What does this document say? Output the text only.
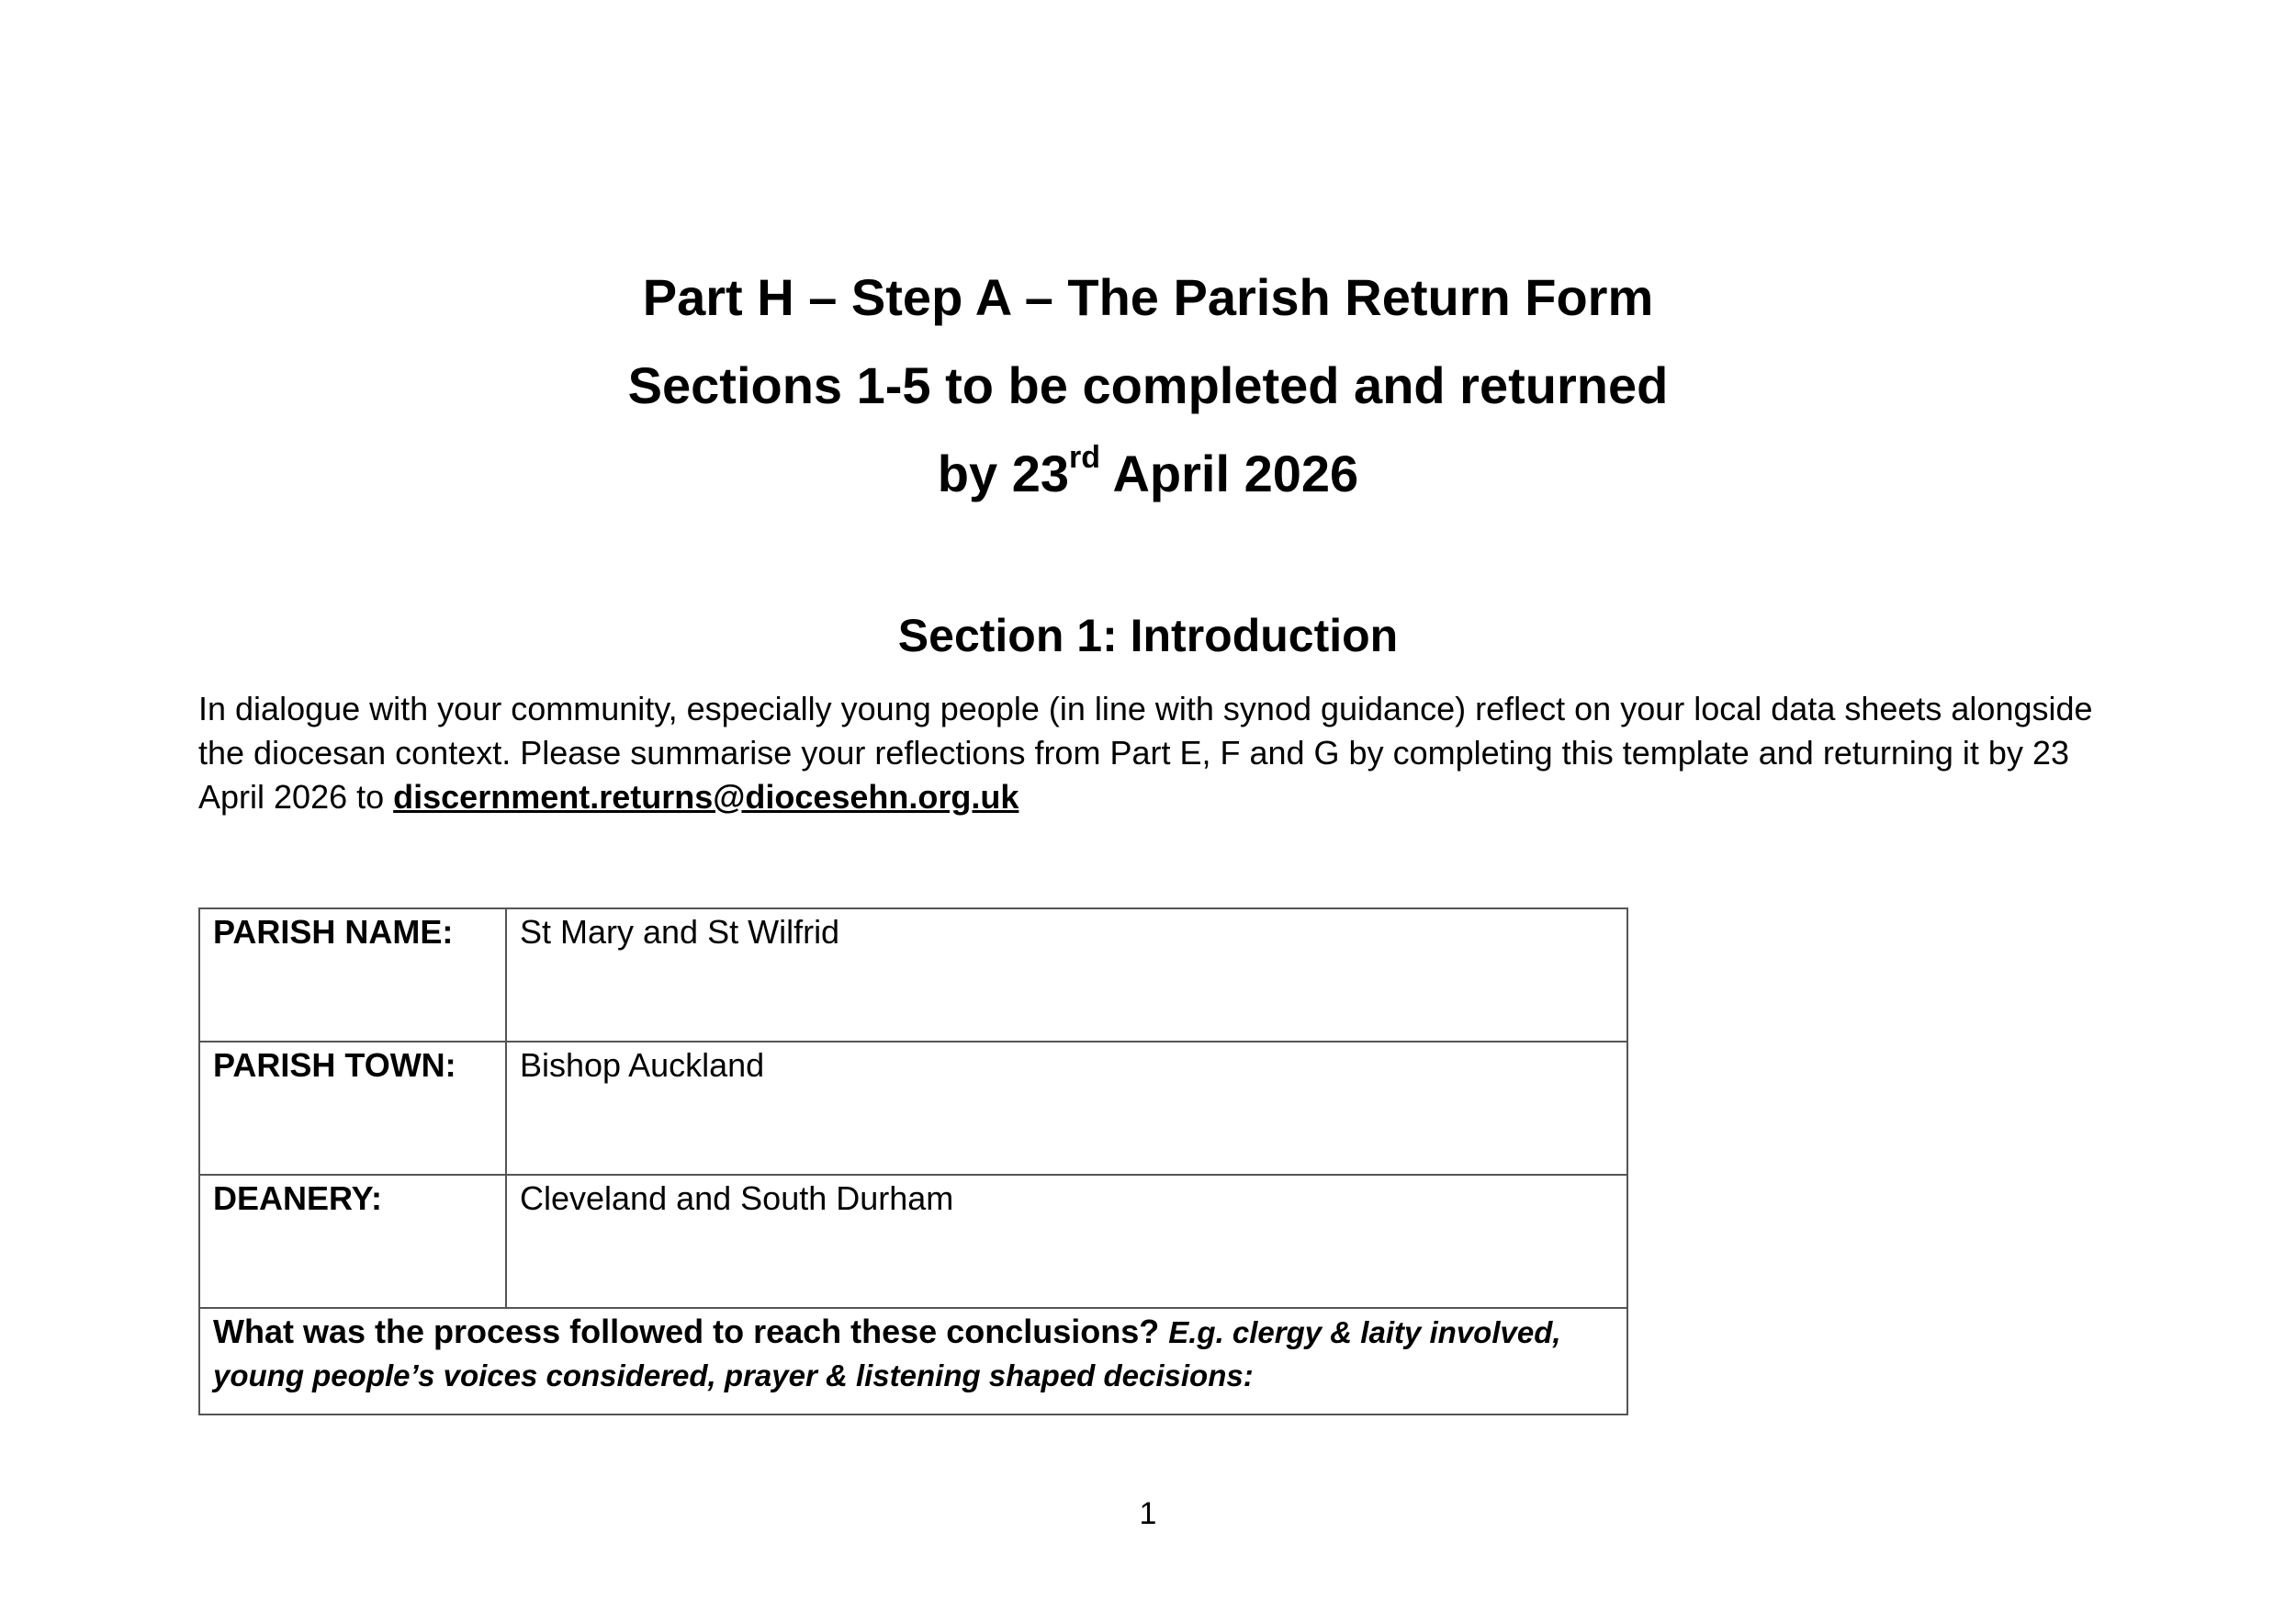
Part H – Step A – The Parish Return Form
Sections 1-5 to be completed and returned
by 23rd April 2026
Section 1: Introduction
In dialogue with your community, especially young people (in line with synod guidance) reflect on your local data sheets alongside the diocesan context. Please summarise your reflections from Part E, F and G by completing this template and returning it by 23 April 2026 to discernment.returns@diocesehn.org.uk
PARISH NAME:	St Mary and St Wilfrid
PARISH TOWN:	Bishop Auckland
DEANERY:	Cleveland and South Durham
What was the process followed to reach these conclusions? E.g. clergy & laity involved, young people’s voices considered, prayer & listening shaped decisions:	
1
